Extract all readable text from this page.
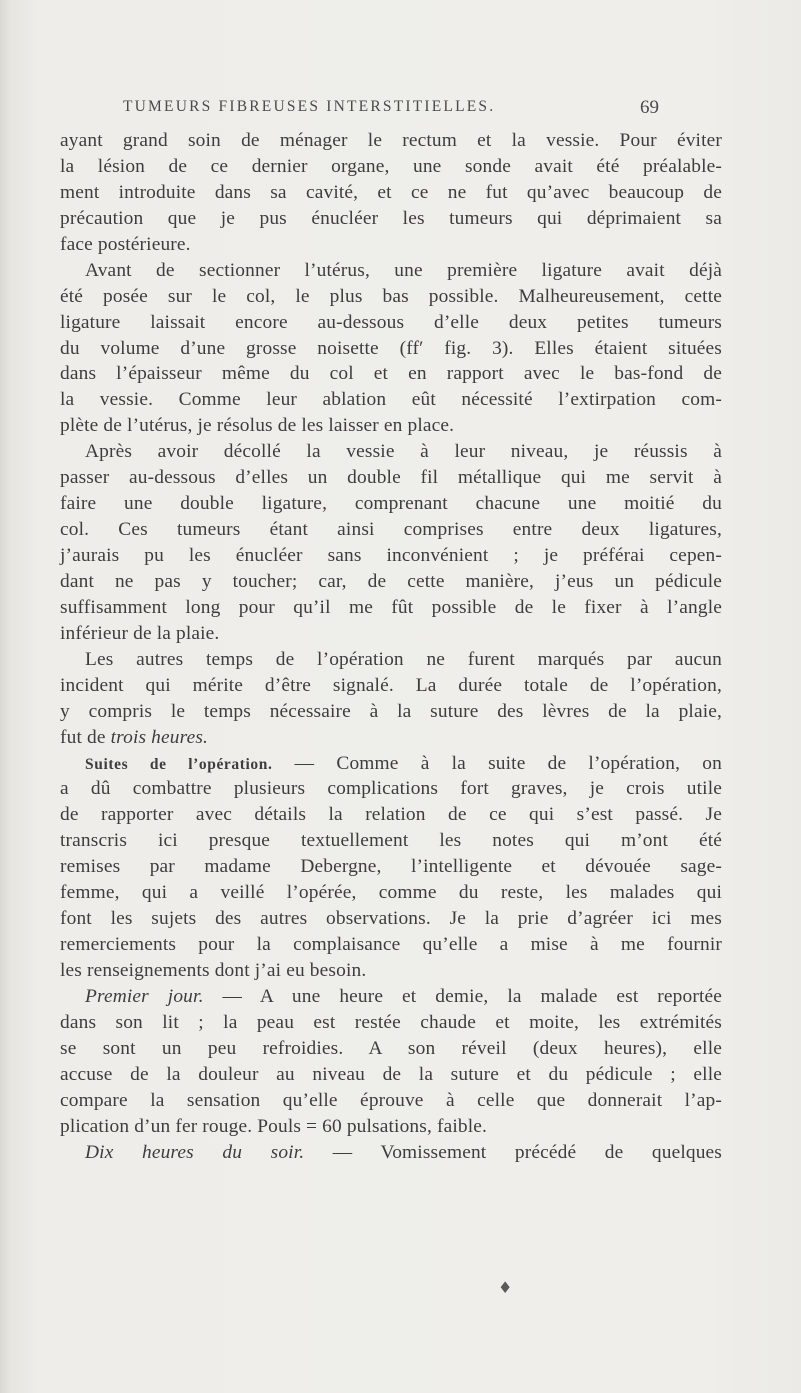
TUMEURS FIBREUSES INTERSTITIELLES.	69
ayant grand soin de ménager le rectum et la vessie. Pour éviter
la lésion de ce dernier organe, une sonde avait été préalable-
ment introduite dans sa cavité, et ce ne fut qu’avec beaucoup de
précaution que je pus énucléer les tumeurs qui déprimaient sa
face postérieure.
Avant de sectionner l’utérus, une première ligature avait déjà
été posée sur le col, le plus bas possible. Malheureusement, cette
ligature laissait encore au-dessous d’elle deux petites tumeurs
du volume d’une grosse noisette (ff′ fig. 3). Elles étaient situées
dans l’épaisseur même du col et en rapport avec le bas-fond de
la vessie. Comme leur ablation eût nécessité l’extirpation com-
plète de l’utérus, je résolus de les laisser en place.
Après avoir décollé la vessie à leur niveau, je réussis à
passer au-dessous d’elles un double fil métallique qui me servit à
faire une double ligature, comprenant chacune une moitié du
col. Ces tumeurs étant ainsi comprises entre deux ligatures,
j’aurais pu les énucléer sans inconvénient ; je préférai cepen-
dant ne pas y toucher; car, de cette manière, j’eus un pédicule
suffisamment long pour qu’il me fût possible de le fixer à l’angle
inférieur de la plaie.
Les autres temps de l’opération ne furent marqués par aucun
incident qui mérite d’être signalé. La durée totale de l’opération,
y compris le temps nécessaire à la suture des lèvres de la plaie,
fut de trois heures.
Suites de l’opération. — Comme à la suite de l’opération, on
a dû combattre plusieurs complications fort graves, je crois utile
de rapporter avec détails la relation de ce qui s’est passé. Je
transcris ici presque textuellement les notes qui m’ont été
remises par madame Debergne, l’intelligente et dévouée sage-
femme, qui a veillé l’opérée, comme du reste, les malades qui
font les sujets des autres observations. Je la prie d’agréer ici mes
remerciements pour la complaisance qu’elle a mise à me fournir
les renseignements dont j’ai eu besoin.
Premier jour. — A une heure et demie, la malade est reportée
dans son lit ; la peau est restée chaude et moite, les extrémités
se sont un peu refroidies. A son réveil (deux heures), elle
accuse de la douleur au niveau de la suture et du pédicule ; elle
compare la sensation qu’elle éprouve à celle que donnerait l’ap-
plication d’un fer rouge. Pouls = 60 pulsations, faible.
Dix heures du soir. — Vomissement précédé de quelques
♦
